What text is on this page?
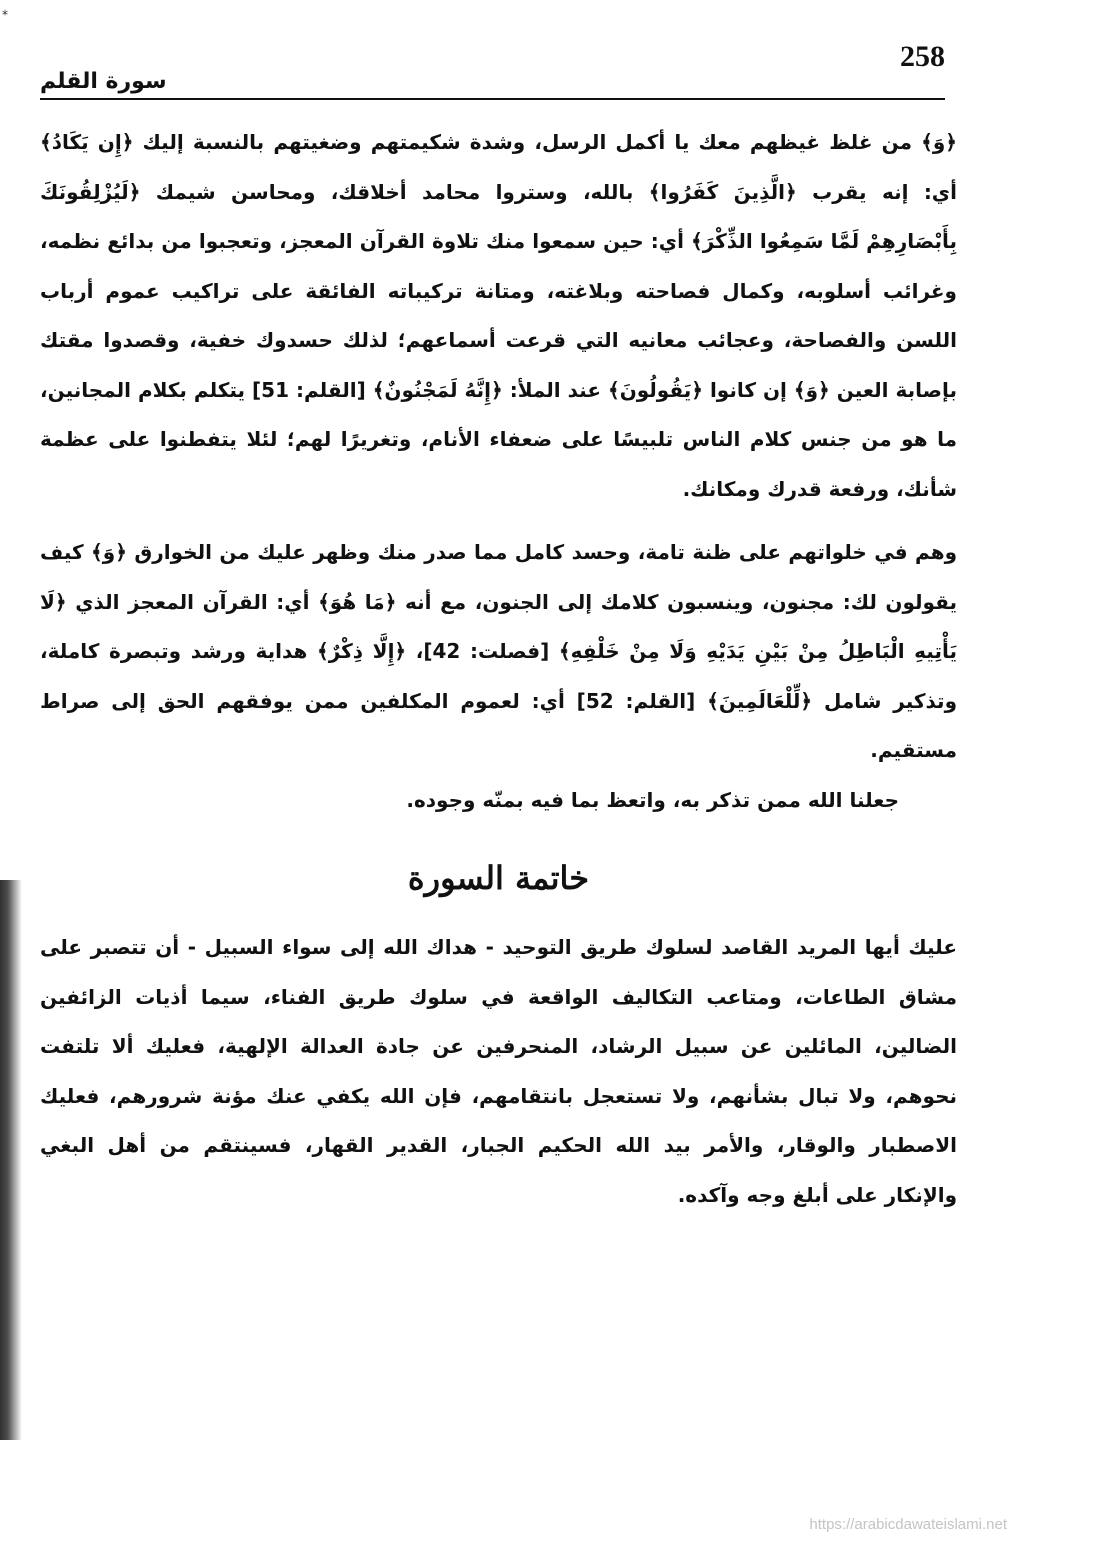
⁎
258
سورة القلم

﴿وَ﴾ من غلظ غيظهم معك يا أكمل الرسل، وشدة شكيمتهم وضغيتهم بالنسبة إليك ﴿إِن يَكَادُ﴾ أي: إنه يقرب ﴿الَّذِينَ كَفَرُوا﴾ بالله، وستروا محامد أخلاقك، ومحاسن شيمك ﴿لَيُزْلِقُونَكَ بِأَبْصَارِهِمْ لَمَّا سَمِعُوا الذِّكْرَ﴾ أي: حين سمعوا منك تلاوة القرآن المعجز، وتعجبوا من بدائع نظمه، وغرائب أسلوبه، وكمال فصاحته وبلاغته، ومتانة تركيباته الفائقة على تراكيب عموم أرباب اللسن والفصاحة، وعجائب معانيه التي قرعت أسماعهم؛ لذلك حسدوك خفية، وقصدوا مقتك بإصابة العين ﴿وَ﴾ إن كانوا ﴿يَقُولُونَ﴾ عند الملأ: ﴿إِنَّهُ لَمَجْنُونٌ﴾ [القلم: 51] يتكلم بكلام المجانين، ما هو من جنس كلام الناس تلبيسًا على ضعفاء الأنام، وتغريرًا لهم؛ لئلا يتفطنوا على عظمة شأنك، ورفعة قدرك ومكانك.

وهم في خلواتهم على ظنة تامة، وحسد كامل مما صدر منك وظهر عليك من الخوارق ﴿وَ﴾ كيف يقولون لك: مجنون، وينسبون كلامك إلى الجنون، مع أنه ﴿مَا هُوَ﴾ أي: القرآن المعجز الذي ﴿لَا يَأْتِيهِ الْبَاطِلُ مِنْ بَيْنِ يَدَيْهِ وَلَا مِنْ خَلْفِهِ﴾ [فصلت: 42]، ﴿إِلَّا ذِكْرٌ﴾ هداية ورشد وتبصرة كاملة، وتذكير شامل ﴿لِّلْعَالَمِينَ﴾ [القلم: 52] أي: لعموم المكلفين ممن يوفقهم الحق إلى صراط مستقيم.

جعلنا الله ممن تذكر به، واتعظ بما فيه بمنّه وجوده.

خاتمة السورة

عليك أيها المريد القاصد لسلوك طريق التوحيد - هداك الله إلى سواء السبيل - أن تتصبر على مشاق الطاعات، ومتاعب التكاليف الواقعة في سلوك طريق الفناء، سيما أذيات الزائفين الضالين، المائلين عن سبيل الرشاد، المنحرفين عن جادة العدالة الإلهية، فعليك ألا تلتفت نحوهم، ولا تبال بشأنهم، ولا تستعجل بانتقامهم، فإن الله يكفي عنك مؤنة شرورهم، فعليك الاصطبار والوقار، والأمر بيد الله الحكيم الجبار، القدير القهار، فسينتقم من أهل البغي والإنكار على أبلغ وجه وآكده.

https://arabicdawateislami.net
